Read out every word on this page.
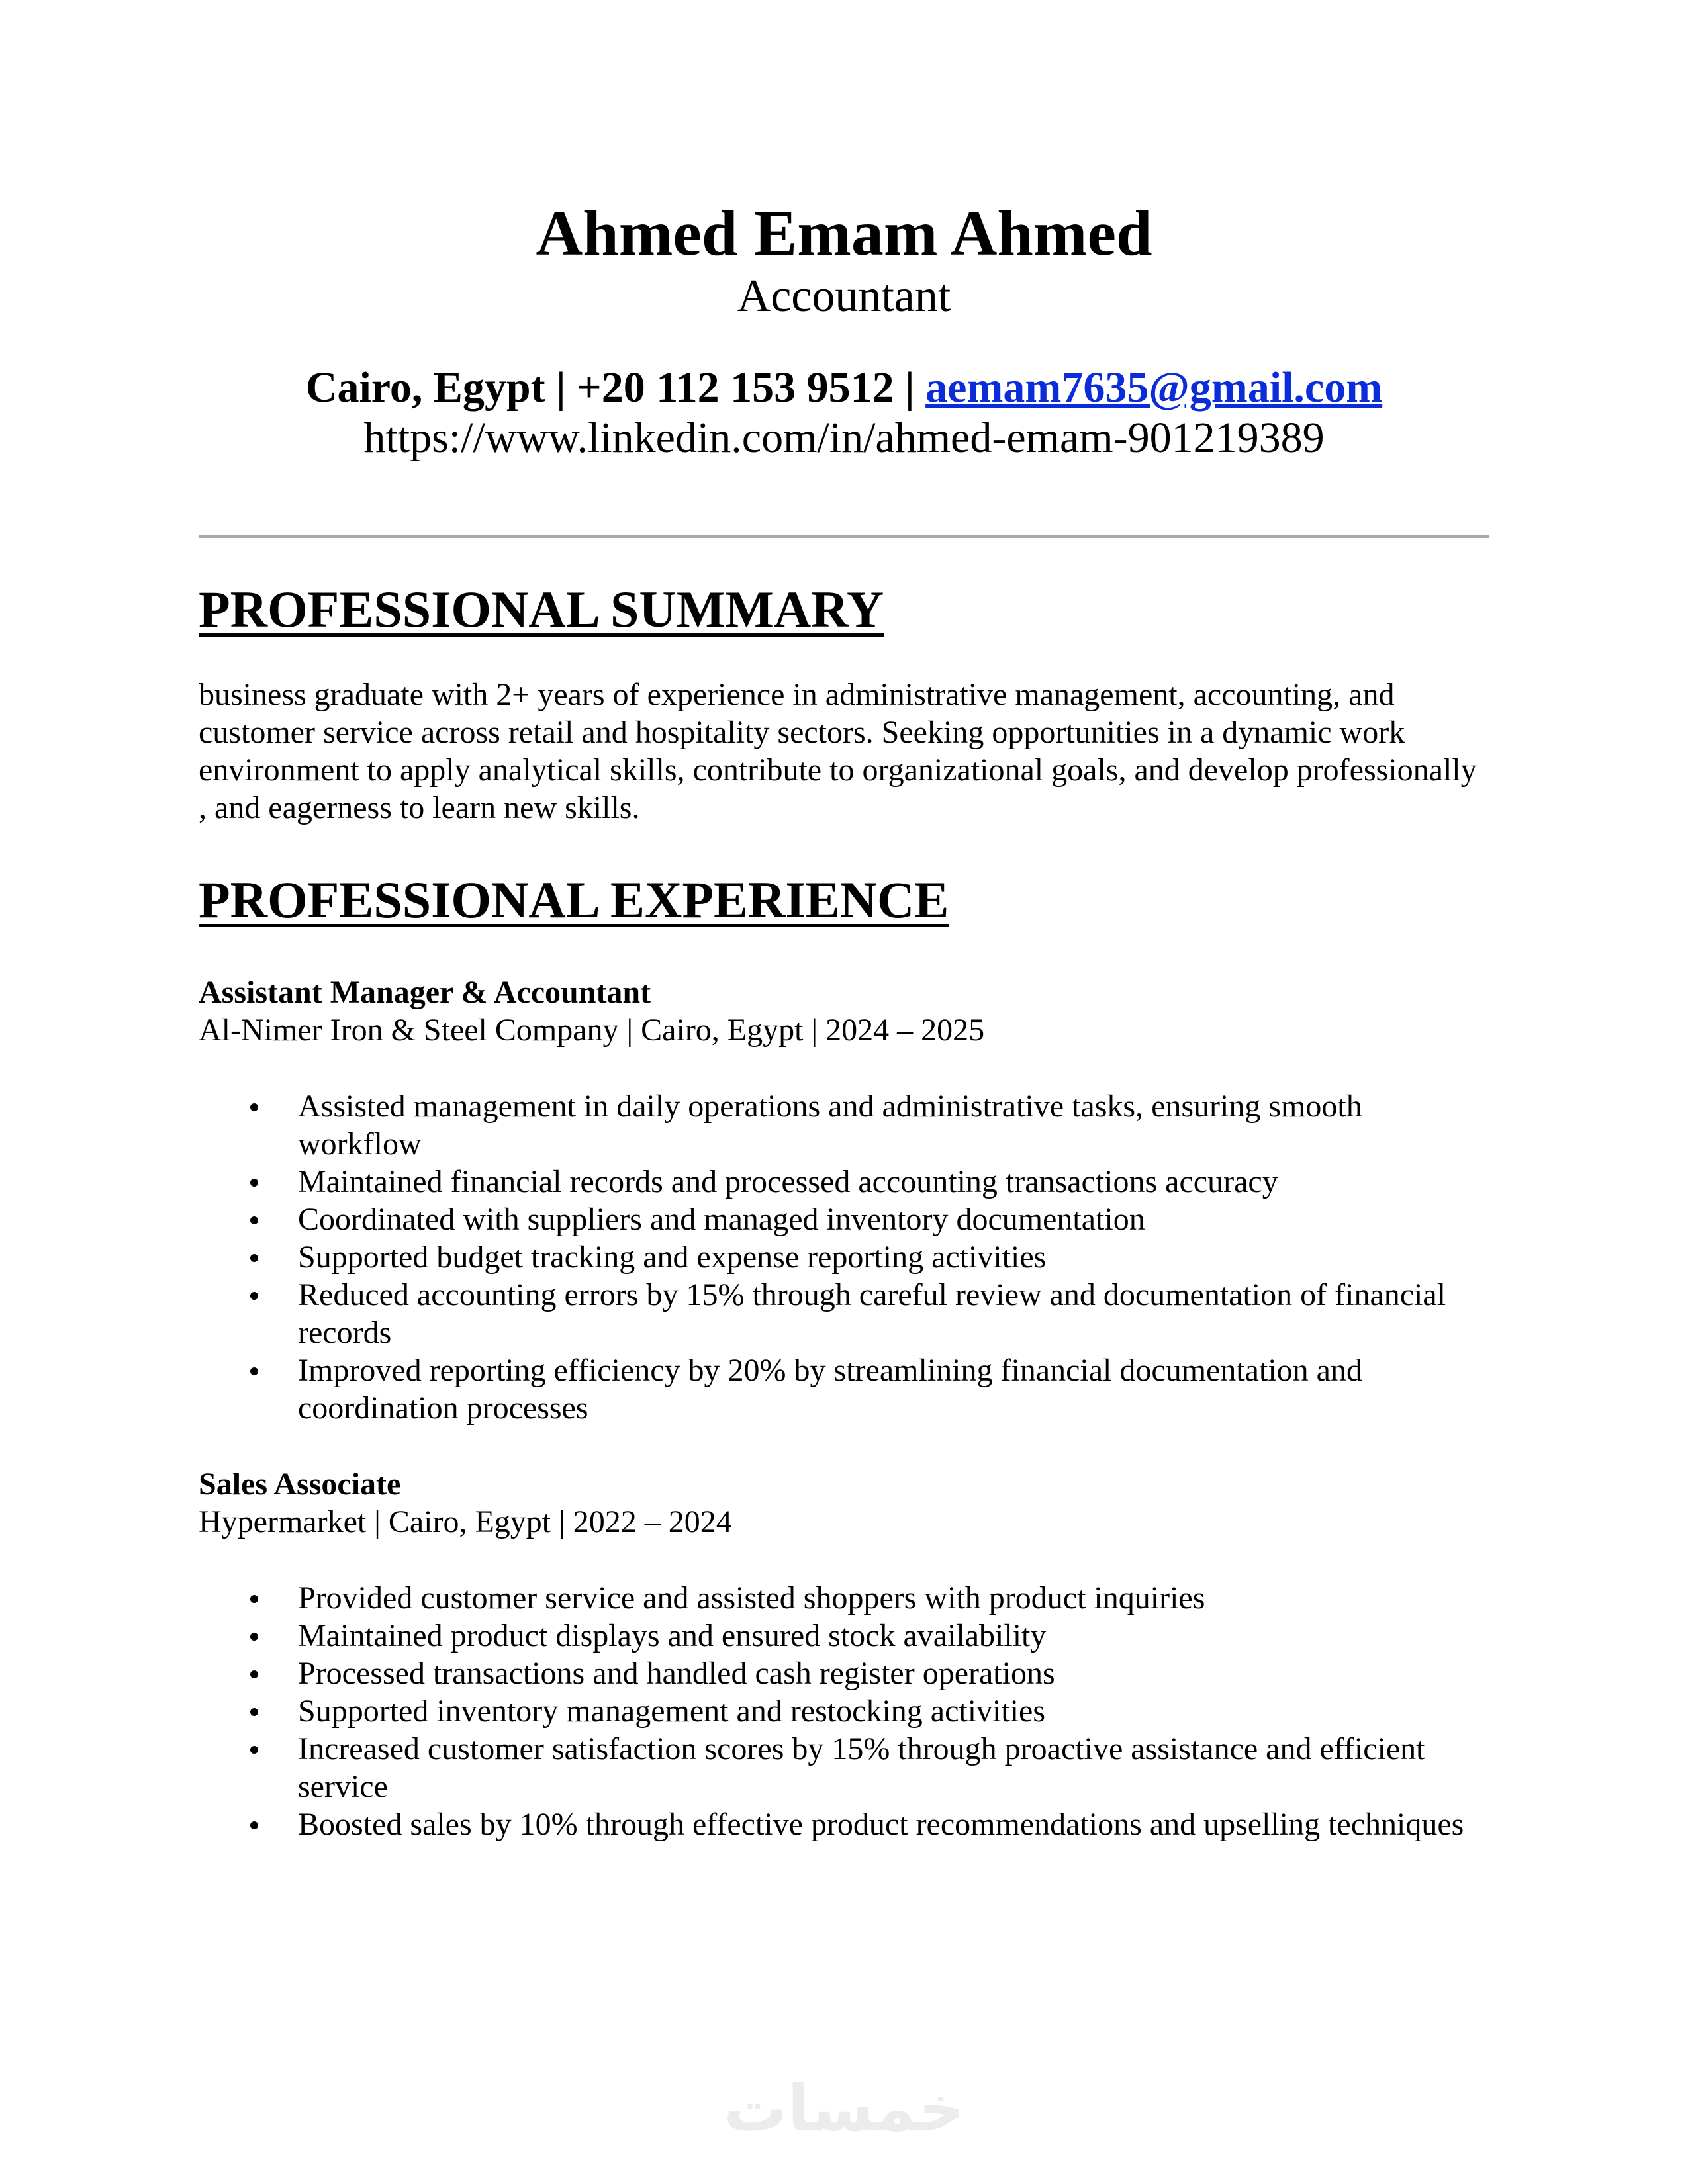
Ahmed Emam Ahmed
Accountant
Cairo, Egypt | +20 112 153 9512 | aemam7635@gmail.com
https://www.linkedin.com/in/ahmed-emam-901219389
PROFESSIONAL SUMMARY

business graduate with 2+ years of experience in administrative management, accounting, and customer service across retail and hospitality sectors. Seeking opportunities in a dynamic work environment to apply analytical skills, contribute to organizational goals, and develop professionally , and eagerness to learn new skills.

PROFESSIONAL EXPERIENCE
Assistant Manager & Accountant
Al-Nimer Iron & Steel Company | Cairo, Egypt | 2024 – 2025
Assisted management in daily operations and administrative tasks, ensuring smooth workflow
Maintained financial records and processed accounting transactions accuracy
Coordinated with suppliers and managed inventory documentation
Supported budget tracking and expense reporting activities
Reduced accounting errors by 15% through careful review and documentation of financial records
Improved reporting efficiency by 20% by streamlining financial documentation and coordination processes
Sales Associate
Hypermarket | Cairo, Egypt | 2022 – 2024
Provided customer service and assisted shoppers with product inquiries
Maintained product displays and ensured stock availability
Processed transactions and handled cash register operations
Supported inventory management and restocking activities
Increased customer satisfaction scores by 15% through proactive assistance and efficient service
Boosted sales by 10% through effective product recommendations and upselling techniques
خمسات
